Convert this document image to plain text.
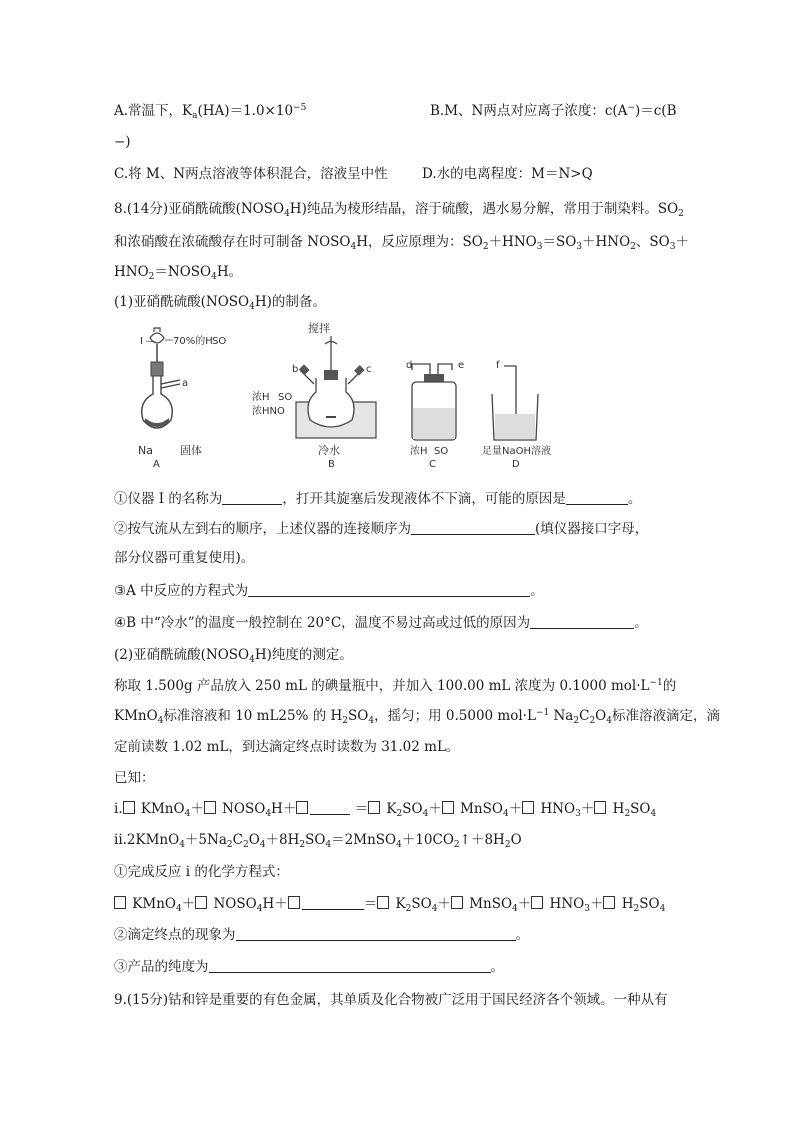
A.常温下，$K_a(HA)=1.0\times 10^{-5}$	B.M、N两点对应离子浓度：c(A−)＝c(B
−)
C.将 M、N两点溶液等体积混合，溶液呈中性	D.水的电离程度：M＝N>Q
8.(14分)亚硝酰硫酸$(NOSO_4H)$纯品为棱形结晶，溶于硫酸，遇水易分解，常用于制染料。$SO_2$
和浓硝酸在浓硫酸存在时可制备 $NOSO_4H$，反应原理为：$SO_2+HNO_3=SO_3+HNO_2$、$SO_3+$
$HNO_2=NOSO_4H$。
(1)亚硝酰硫酸$(NOSO_4H)$的制备。
I	70%的H SO
a
Na 固体
A
搅拌
b	c
浓H SO
浓HNO
冷水
B
d	e
浓H SO
C
f
足量NaOH溶液
D
①仪器 I 的名称为	，打开其旋塞后发现液体不下滴，可能的原因是	。
②按气流从左到右的顺序，上述仪器的连接顺序为	(填仪器接口字母，
部分仪器可重复使用)。
③A 中反应的方程式为	。
④B 中“冷水”的温度一般控制在 20°C，温度不易过高或过低的原因为	。
(2)亚硝酰硫酸$(NOSO_4H)$纯度的测定。
称取 1.500g 产品放入 250 mL 的碘量瓶中，并加入 100.00 mL 浓度为 0.1000 $mol\cdot L^{-1}$的
KMnO$_4$标准溶液和 10 mL25% 的 $H_2SO_4$，摇匀；用 0.5000 $mol\cdot L^{-1}$ $Na_2C_2O_4$标准溶液滴定，滴
定前读数 1.02 mL，到达滴定终点时读数为 31.02 mL。
已知：
i. KMnO$_4$＋ $NOSO_4H+$	＝ $K_2SO_4+$ MnSO$_4$＋ $HNO_3+ H_2SO_4$
$ii.2KMnO_4+5Na_2C_2O_4+8H_2SO_4=2MnSO_4+10CO_2↑+8H_2O$
①完成反应 i 的化学方程式：
KMnO$_4$＋ $NOSO_4H+$	＝ $K_2SO_4+$ MnSO$_4$＋ $HNO_3+ H_2SO_4$
②滴定终点的现象为	。
③产品的纯度为	。
9.(15分)钴和锌是重要的有色金属，其单质及化合物被广泛用于国民经济各个领域。一种从有
